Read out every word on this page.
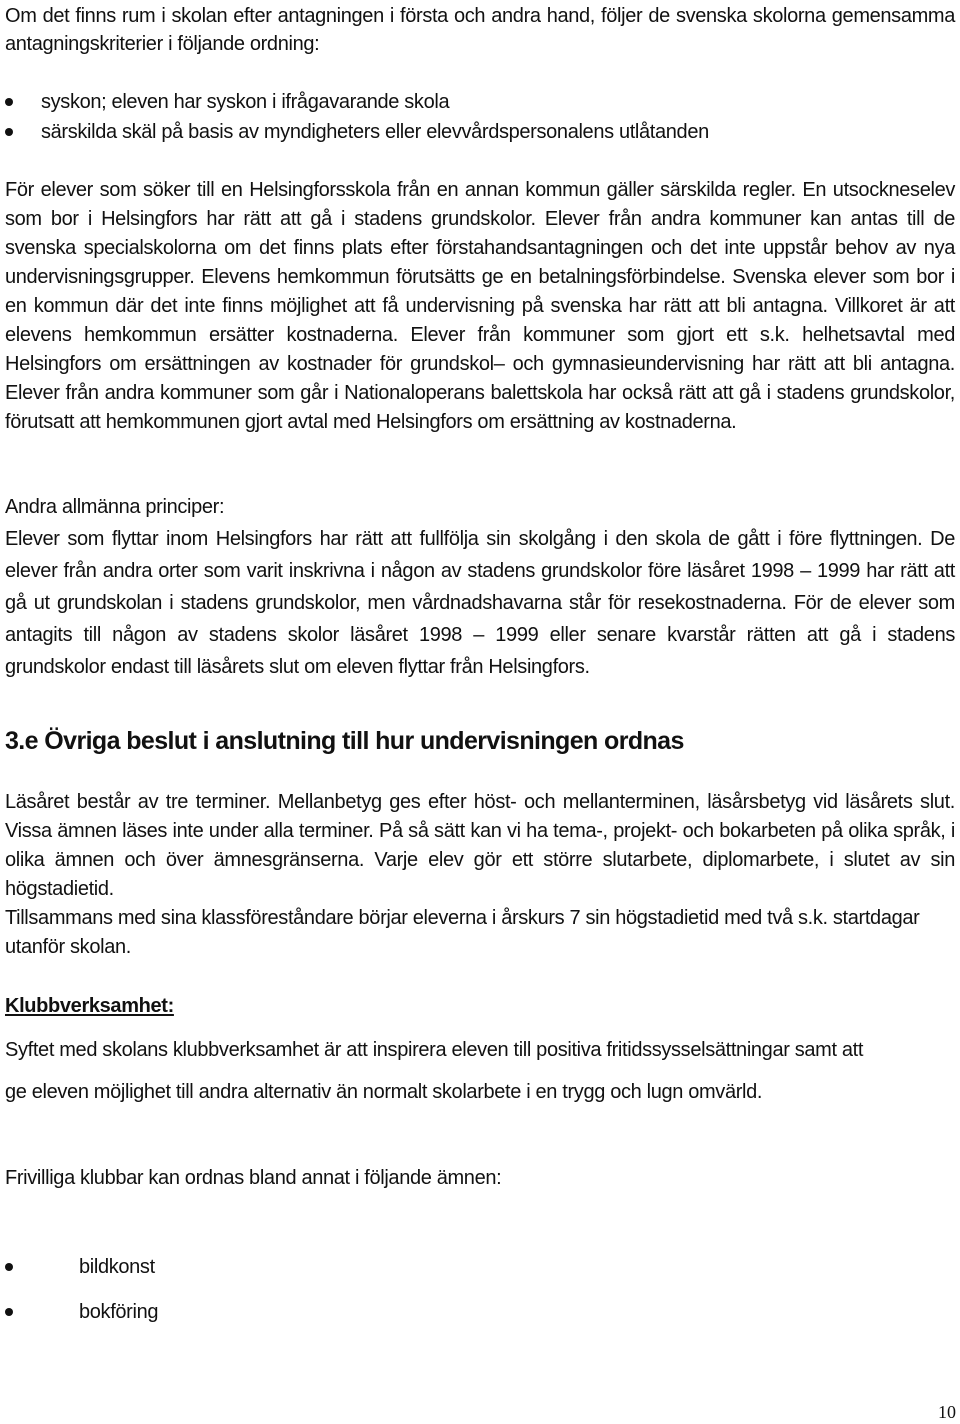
Om det finns rum i skolan efter antagningen i första och andra hand, följer de svenska skolorna gemensamma antagningskriterier i följande ordning:
syskon; eleven har syskon i ifrågavarande skola
särskilda skäl på basis av myndigheters eller elevvårdspersonalens utlåtanden
För elever som söker till en Helsingforsskola från en annan kommun gäller särskilda regler. En utsockneselev som bor i Helsingfors har rätt att gå i stadens grundskolor. Elever från andra kommuner kan antas till de svenska specialskolorna om det finns plats efter förstahandsantagningen och det inte uppstår behov av nya undervisningsgrupper. Elevens hemkommun förutsätts ge en betalningsförbindelse. Svenska elever som bor i en kommun där det inte finns möjlighet att få undervisning på svenska har rätt att bli antagna. Villkoret är att elevens hemkommun ersätter kostnaderna. Elever från kommuner som gjort ett s.k. helhetsavtal med Helsingfors om ersättningen av kostnader för grundskol– och gymnasieundervisning har rätt att bli antagna. Elever från andra kommuner som går i Nationaloperans balettskola har också rätt att gå i stadens grundskolor, förutsatt att hemkommunen gjort avtal med Helsingfors om ersättning av kostnaderna.
Andra allmänna principer:
Elever som flyttar inom Helsingfors har rätt att fullfölja sin skolgång i den skola de gått i före flyttningen. De elever från andra orter som varit inskrivna i någon av stadens grundskolor före läsåret 1998 – 1999 har rätt att gå ut grundskolan i stadens grundskolor, men vårdnadshavarna står för resekostnaderna. För de elever som antagits till någon av stadens skolor läsåret 1998 – 1999 eller senare kvarstår rätten att gå i stadens grundskolor endast till läsårets slut om eleven flyttar från Helsingfors.
3.e Övriga beslut i anslutning till hur undervisningen ordnas
Läsåret består av tre terminer. Mellanbetyg ges efter höst- och mellanterminen, läsårsbetyg vid läsårets slut. Vissa ämnen läses inte under alla terminer. På så sätt kan vi ha tema-, projekt- och bokarbeten på olika språk, i olika ämnen och över ämnesgränserna. Varje elev gör ett större slutarbete, diplomarbete, i slutet av sin högstadietid.
Tillsammans med sina klassföreståndare börjar eleverna i årskurs 7 sin högstadietid med två s.k. startdagar utanför skolan.
Klubbverksamhet:
Syftet med skolans klubbverksamhet är att inspirera eleven till positiva fritidssysselsättningar samt att
ge eleven möjlighet till andra alternativ än normalt skolarbete i en trygg och lugn omvärld.
Frivilliga klubbar kan ordnas bland annat i följande ämnen:
bildkonst
bokföring
10
